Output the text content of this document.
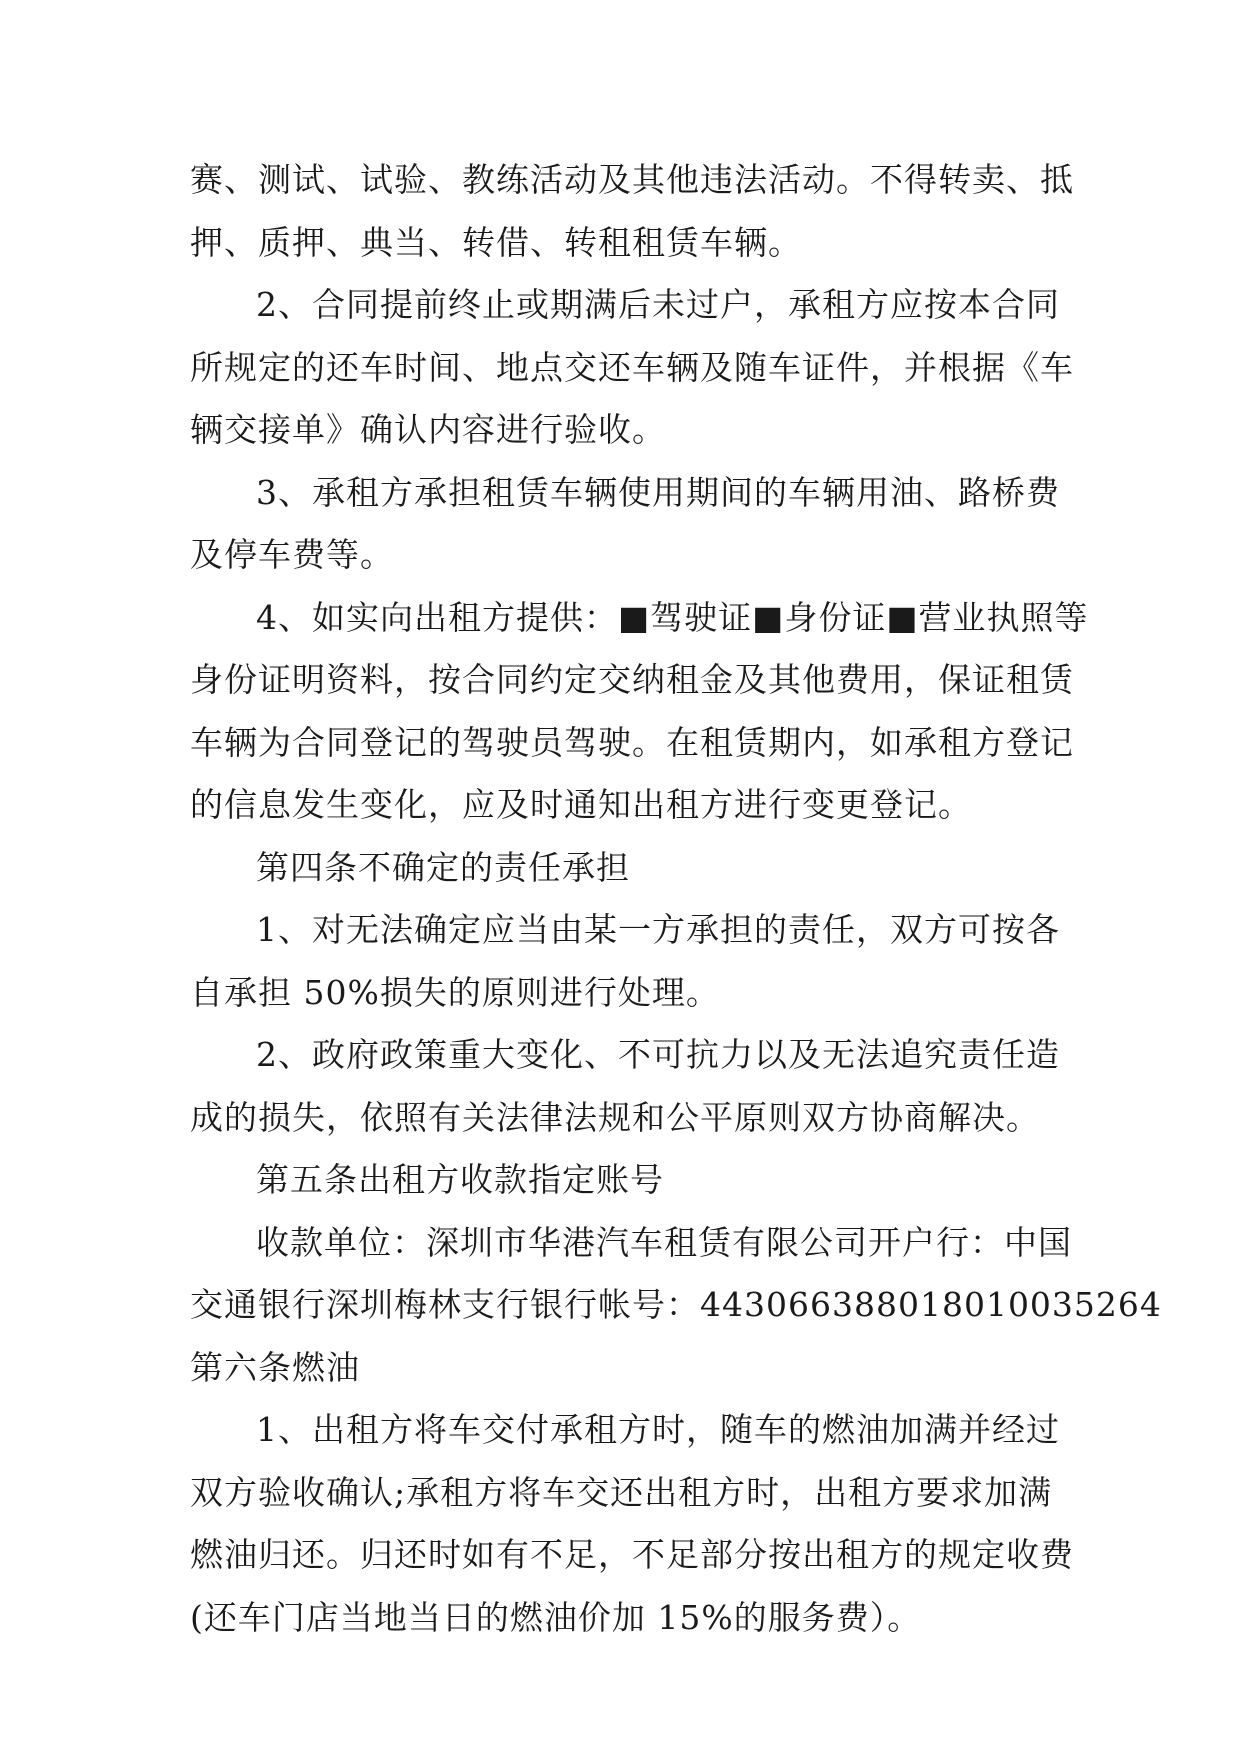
赛、测试、试验、教练活动及其他违法活动。不得转卖、抵
押、质押、典当、转借、转租租赁车辆。
2、合同提前终止或期满后未过户，承租方应按本合同
所规定的还车时间、地点交还车辆及随车证件，并根据《车
辆交接单》确认内容进行验收。
3、承租方承担租赁车辆使用期间的车辆用油、路桥费
及停车费等。
4、如实向出租方提供：■驾驶证■身份证■营业执照等
身份证明资料，按合同约定交纳租金及其他费用，保证租赁
车辆为合同登记的驾驶员驾驶。在租赁期内，如承租方登记
的信息发生变化，应及时通知出租方进行变更登记。
第四条不确定的责任承担
1、对无法确定应当由某一方承担的责任，双方可按各
自承担 50%损失的原则进行处理。
2、政府政策重大变化、不可抗力以及无法追究责任造
成的损失，依照有关法律法规和公平原则双方协商解决。
第五条出租方收款指定账号
收款单位：深圳市华港汽车租赁有限公司开户行：中国
交通银行深圳梅林支行银行帐号：443066388018010035264
第六条燃油
1、出租方将车交付承租方时，随车的燃油加满并经过
双方验收确认;承租方将车交还出租方时，出租方要求加满
燃油归还。归还时如有不足，不足部分按出租方的规定收费
(还车门店当地当日的燃油价加 15%的服务费）。
